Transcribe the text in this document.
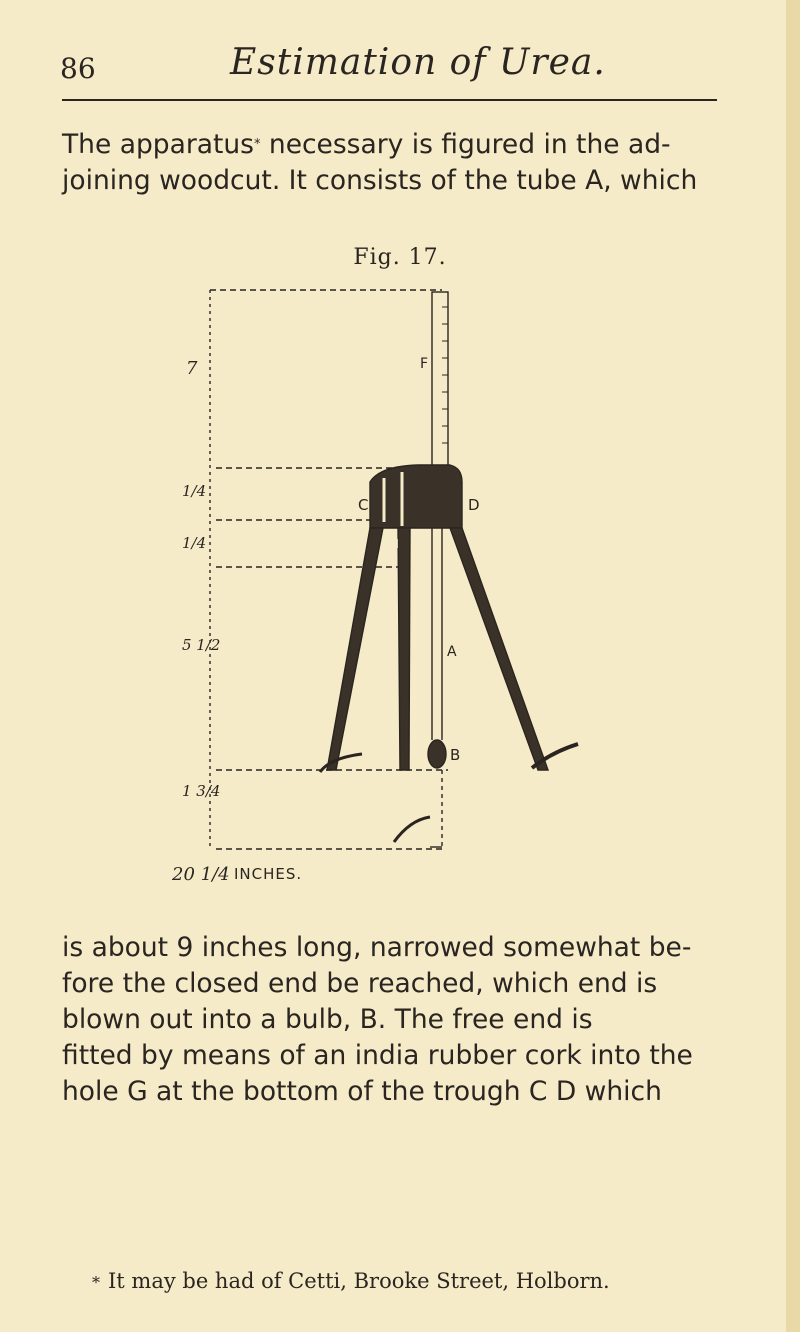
86	Estimation of Urea.

The apparatus* necessary is figured in the ad-
joining woodcut. It consists of the tube A, which

Fig. 17.
7
1/4
1/4
5 1/2
1 3/4
20 1/4 INCHES.
C	D
F
G
H
A
B

is about 9 inches long, narrowed somewhat be-
fore the closed end be reached, which end is
blown out into a bulb, B. The free end is
fitted by means of an india rubber cork into the
hole G at the bottom of the trough C D which

* It may be had of Cetti, Brooke Street, Holborn.
